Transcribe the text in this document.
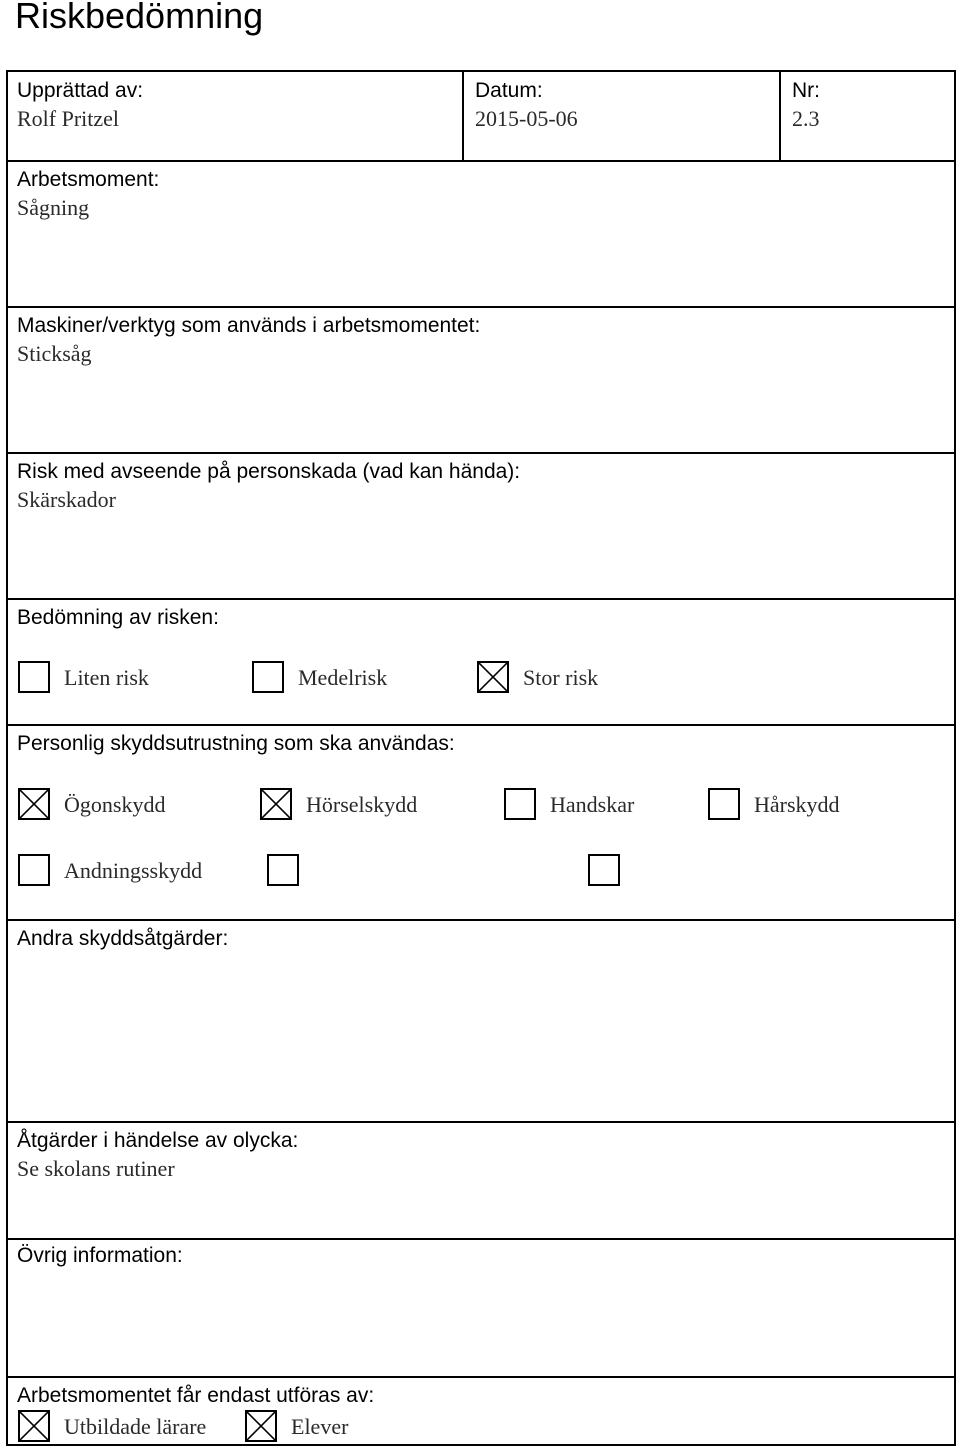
Riskbedömning
Upprättad av:
Rolf Pritzel
Datum:
2015-05-06
Nr:
2.3
Arbetsmoment:
Sågning
Maskiner/verktyg som används i arbetsmomentet:
Sticksåg
Risk med avseende på personskada (vad kan hända):
Skärskador
Bedömning av risken:
Liten risk	Medelrisk	Stor risk
Personlig skyddsutrustning som ska användas:
Ögonskydd	Hörselskydd	Handskar	Hårskydd
Andningsskydd
Andra skyddsåtgärder:
Åtgärder i händelse av olycka:
Se skolans rutiner
Övrig information:
Arbetsmomentet får endast utföras av:
Utbildade lärare	Elever
